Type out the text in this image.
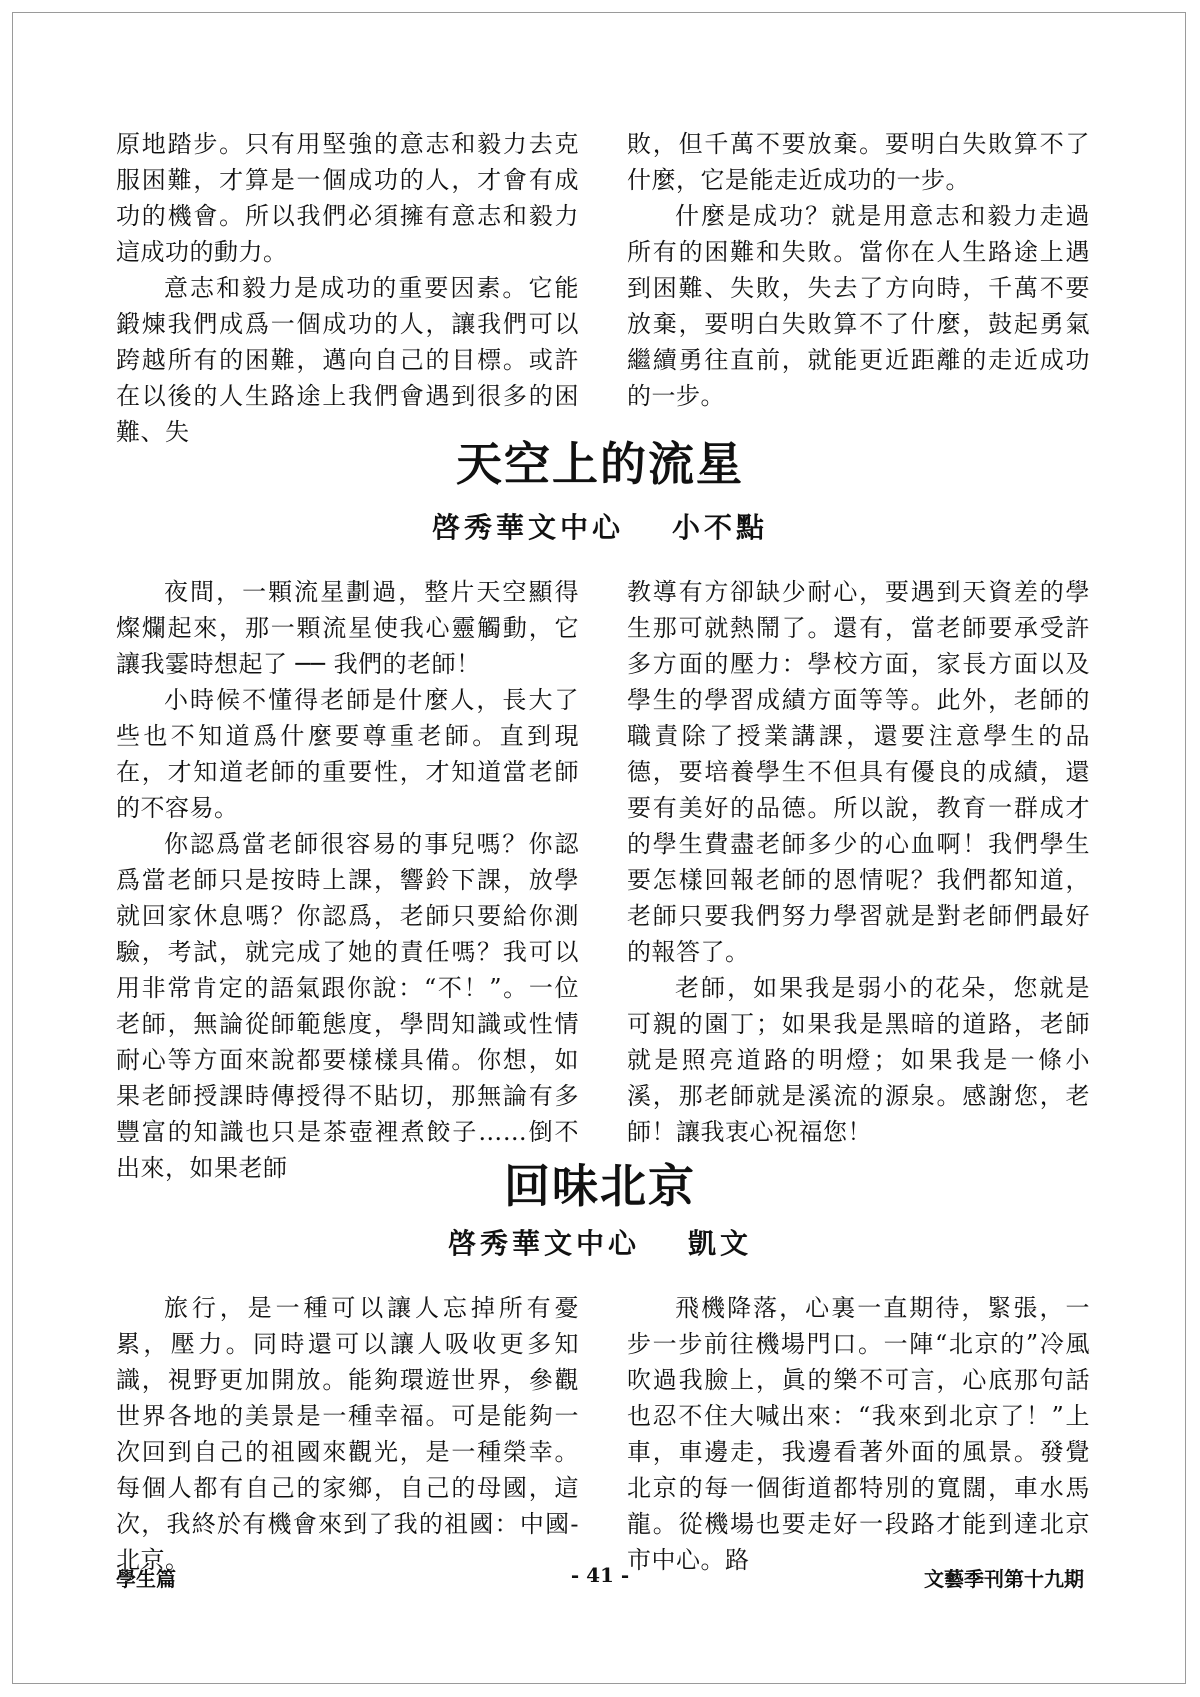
原地踏步。只有用堅強的意志和毅力去克服困難，才算是一個成功的人，才會有成功的機會。所以我們必須擁有意志和毅力這成功的動力。

意志和毅力是成功的重要因素。它能鍛煉我們成爲一個成功的人，讓我們可以跨越所有的困難，邁向自己的目標。或許在以後的人生路途上我們會遇到很多的困難、失

敗，但千萬不要放棄。要明白失敗算不了什麼，它是能走近成功的一步。

什麼是成功？就是用意志和毅力走過所有的困難和失敗。當你在人生路途上遇到困難、失敗，失去了方向時，千萬不要放棄，要明白失敗算不了什麼，鼓起勇氣繼續勇往直前，就能更近距離的走近成功的一步。

天空上的流星
啓秀華文中心 小不點

夜間，一顆流星劃過，整片天空顯得燦爛起來，那一顆流星使我心靈觸動，它讓我霎時想起了 ── 我們的老師！

小時候不懂得老師是什麼人，長大了些也不知道爲什麼要尊重老師。直到現在，才知道老師的重要性，才知道當老師的不容易。

你認爲當老師很容易的事兒嗎？你認爲當老師只是按時上課，響鈴下課，放學就回家休息嗎？你認爲，老師只要給你測驗，考試，就完成了她的責任嗎？我可以用非常肯定的語氣跟你說：“不！”。一位老師，無論從師範態度，學問知識或性情耐心等方面來說都要樣樣具備。你想，如果老師授課時傳授得不貼切，那無論有多豐富的知識也只是茶壺裡煮餃子……倒不出來，如果老師

教導有方卻缺少耐心，要遇到天資差的學生那可就熱鬧了。還有，當老師要承受許多方面的壓力：學校方面，家長方面以及學生的學習成績方面等等。此外，老師的職責除了授業講課，還要注意學生的品德，要培養學生不但具有優良的成績，還要有美好的品德。所以說，教育一群成才的學生費盡老師多少的心血啊！我們學生要怎樣回報老師的恩情呢？我們都知道，老師只要我們努力學習就是對老師們最好的報答了。

老師，如果我是弱小的花朵，您就是可親的園丁；如果我是黑暗的道路，老師就是照亮道路的明燈；如果我是一條小溪，那老師就是溪流的源泉。感謝您，老師！讓我衷心祝福您！

回味北京
啓秀華文中心 凱文

旅行，是一種可以讓人忘掉所有憂累，壓力。同時還可以讓人吸收更多知識，視野更加開放。能夠環遊世界，參觀世界各地的美景是一種幸福。可是能夠一次回到自己的祖國來觀光，是一種榮幸。每個人都有自己的家鄉，自己的母國，這次，我終於有機會來到了我的祖國：中國- 北京。

飛機降落，心裏一直期待，緊張，一步一步前往機場門口。一陣“北京的”冷風吹過我臉上，眞的樂不可言，心底那句話也忍不住大喊出來：“我來到北京了！”上車，車邊走，我邊看著外面的風景。發覺北京的每一個街道都特別的寬闊，車水馬龍。從機場也要走好一段路才能到達北京市中心。路

學生篇	- 41 -	文藝季刊第十九期
